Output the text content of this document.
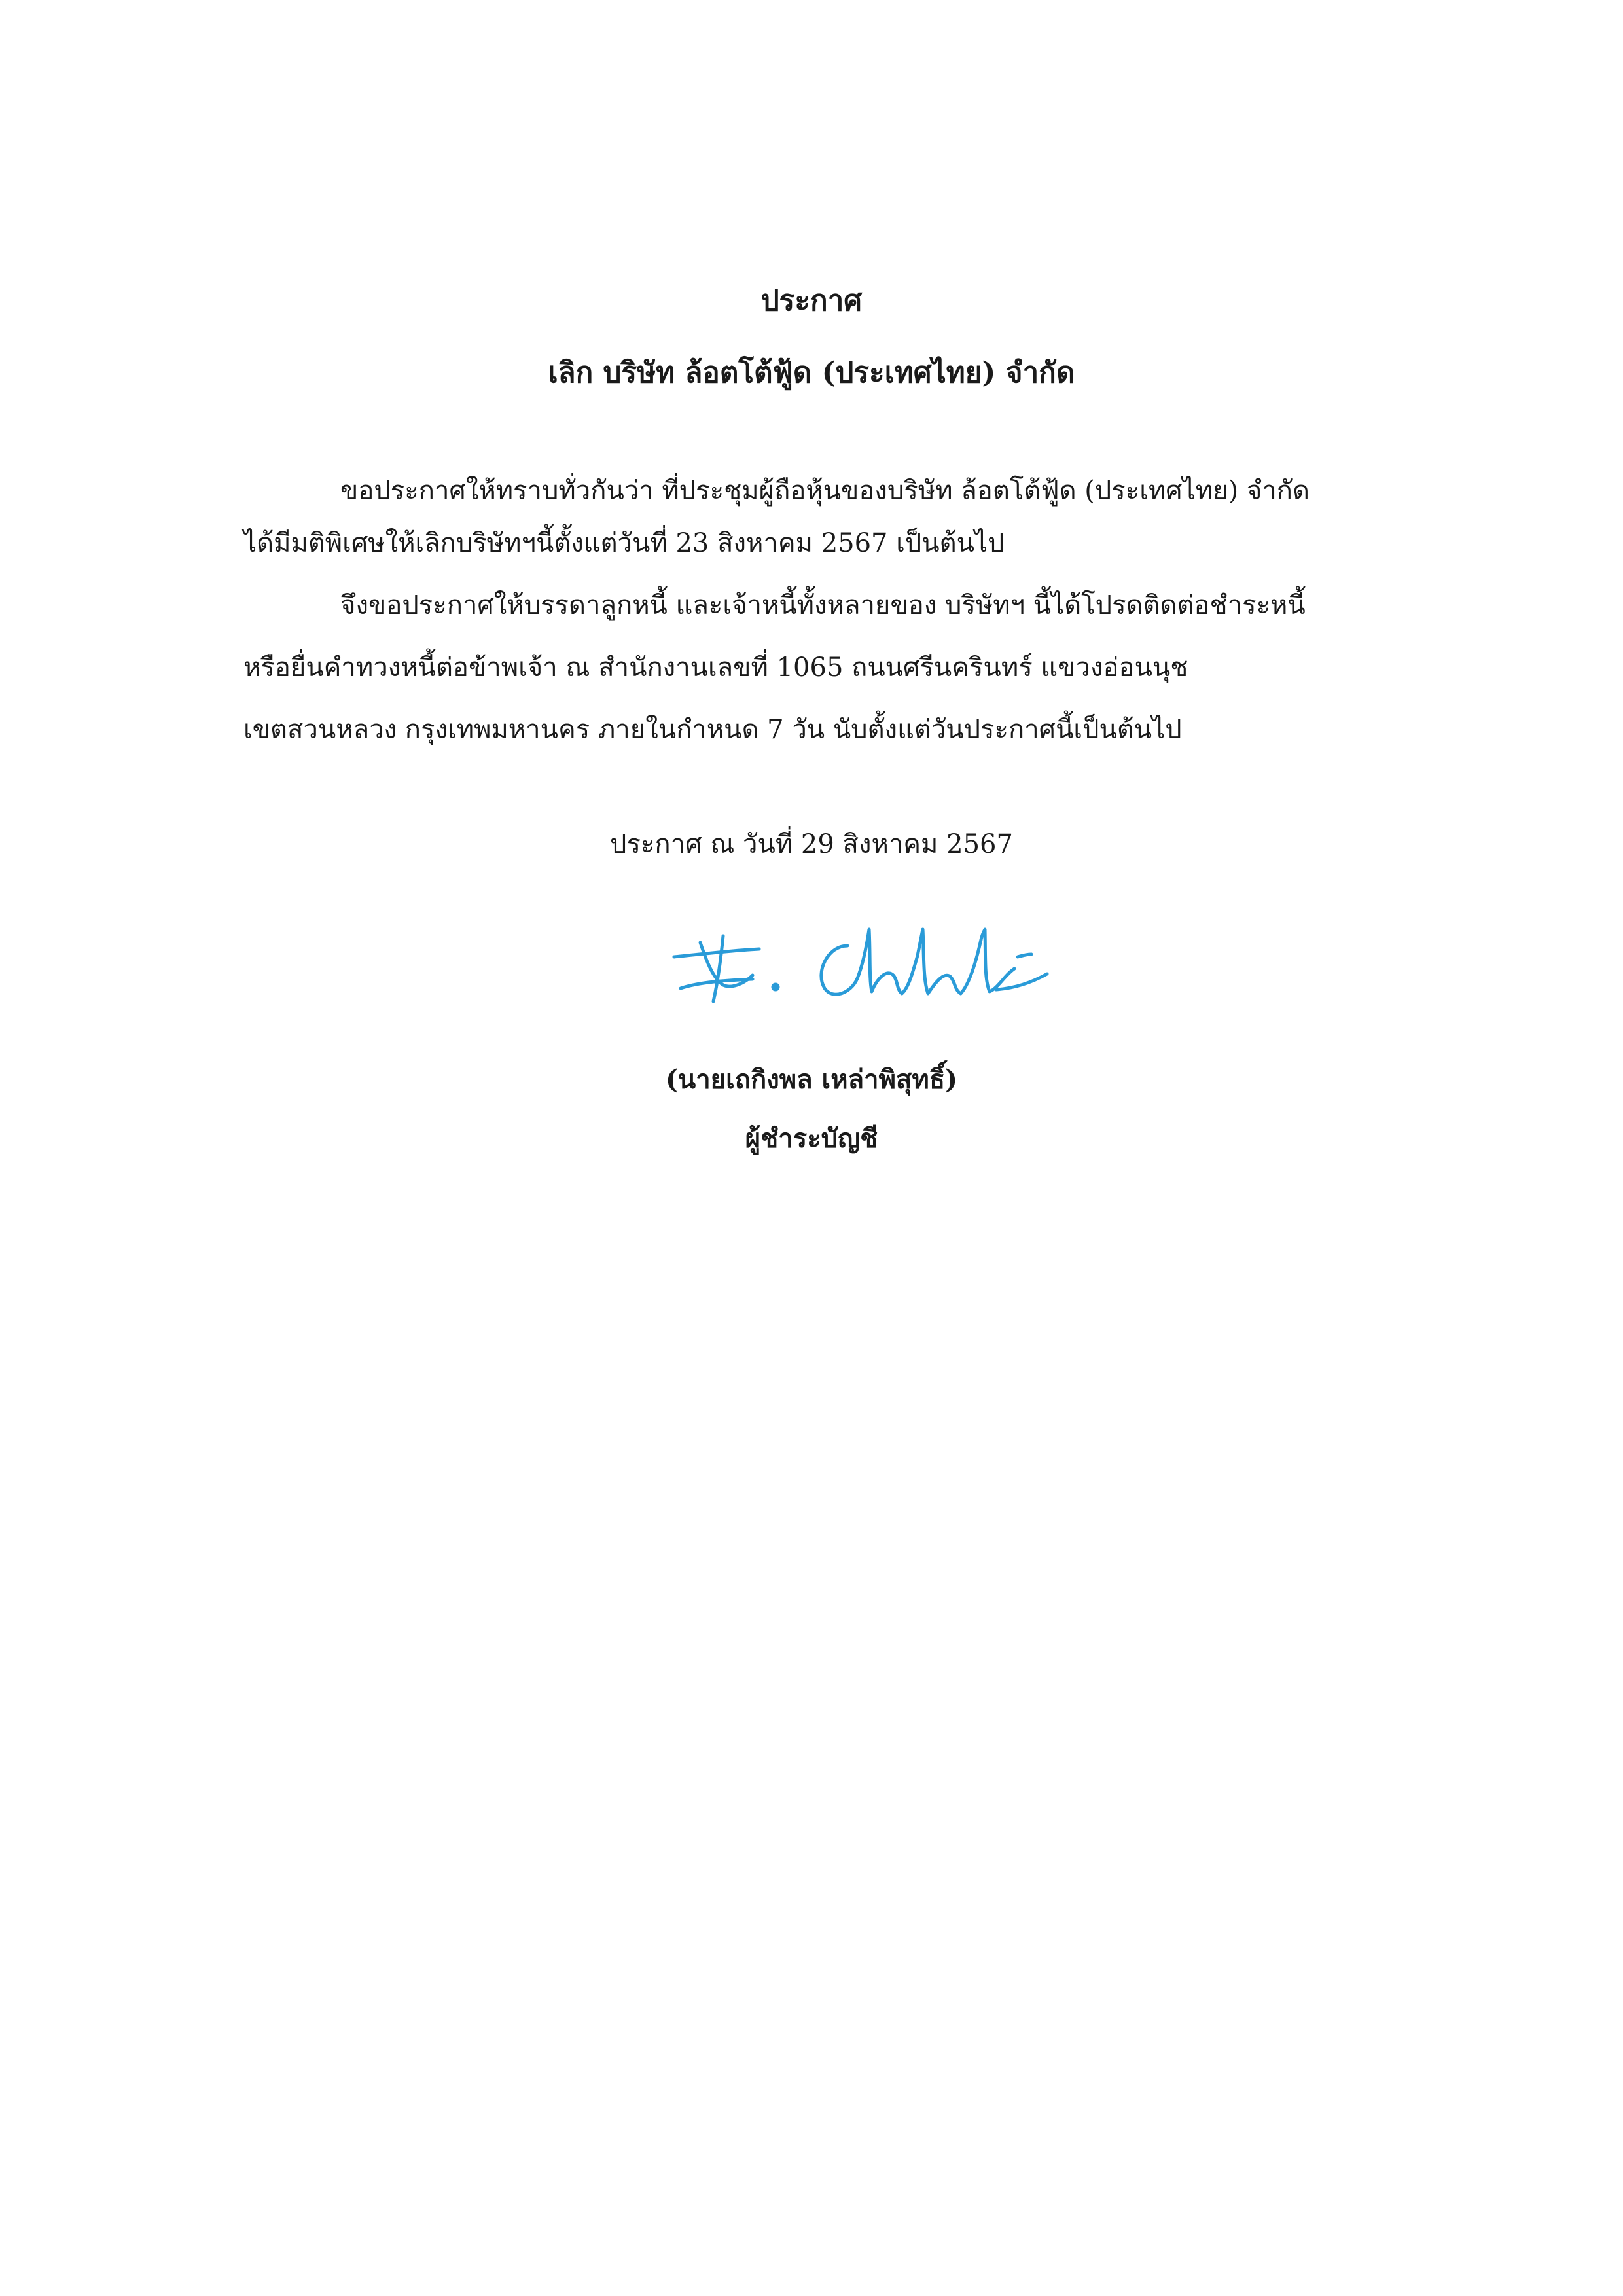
ประกาศ
เลิก บริษัท ล้อตโต้ฟู้ด (ประเทศไทย) จำกัด
ขอประกาศให้ทราบทั่วกันว่า ที่ประชุมผู้ถือหุ้นของบริษัท ล้อตโต้ฟู้ด (ประเทศไทย) จำกัด
ได้มีมติพิเศษให้เลิกบริษัทฯนี้ตั้งแต่วันที่ 23 สิงหาคม 2567 เป็นต้นไป
จึงขอประกาศให้บรรดาลูกหนี้ และเจ้าหนี้ทั้งหลายของ บริษัทฯ นี้ได้โปรดติดต่อชำระหนี้
หรือยื่นคำทวงหนี้ต่อข้าพเจ้า ณ สำนักงานเลขที่ 1065 ถนนศรีนครินทร์ แขวงอ่อนนุช
เขตสวนหลวง กรุงเทพมหานคร ภายในกำหนด 7 วัน นับตั้งแต่วันประกาศนี้เป็นต้นไป
ประกาศ ณ วันที่ 29 สิงหาคม 2567
(นายเถกิงพล เหล่าพิสุทธิ์)
ผู้ชำระบัญชี
